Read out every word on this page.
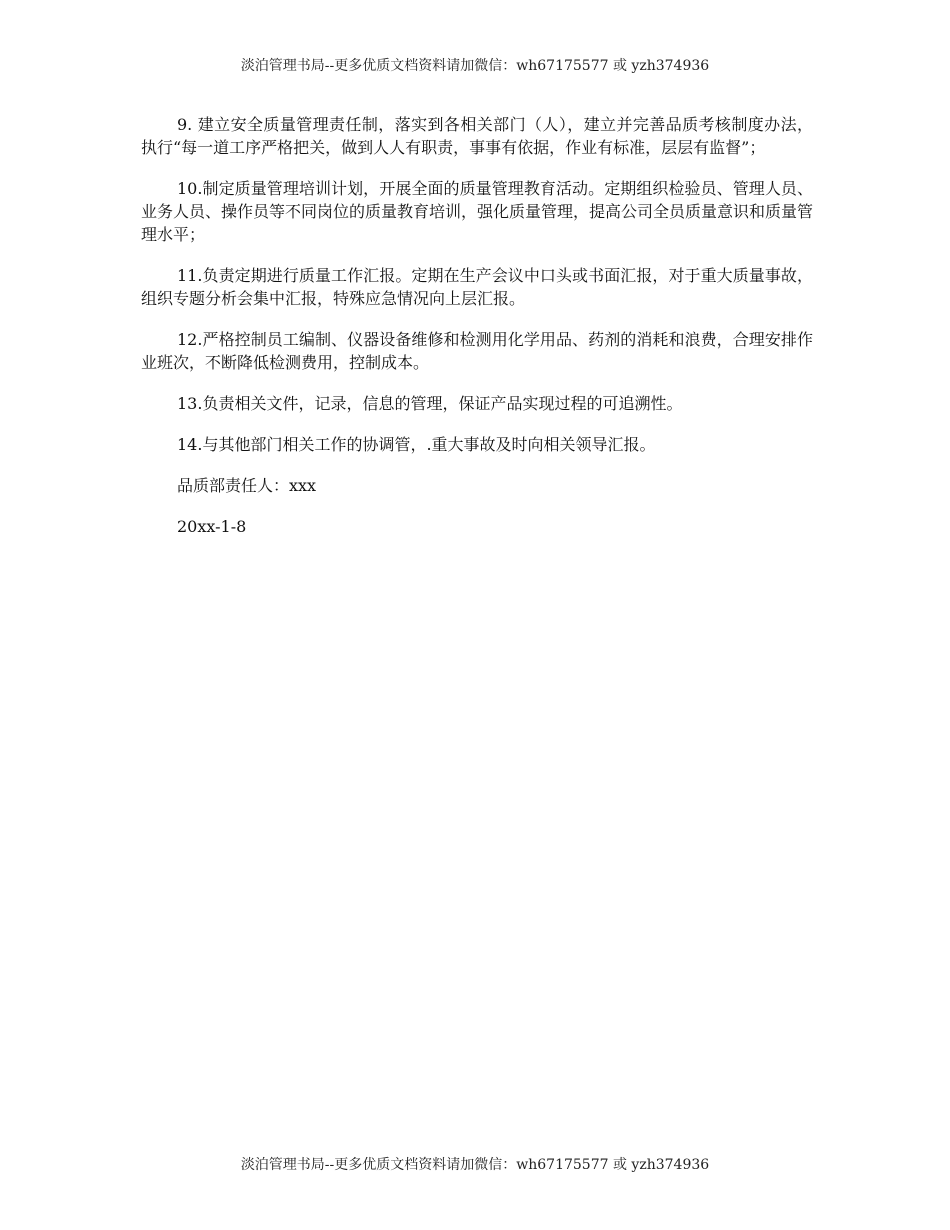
淡泊管理书局--更多优质文档资料请加微信：wh67175577 或 yzh374936

9. 建立安全质量管理责任制，落实到各相关部门（人），建立并完善品质考核制度办法，执行“每一道工序严格把关，做到人人有职责，事事有依据，作业有标准，层层有监督”；

10.制定质量管理培训计划，开展全面的质量管理教育活动。定期组织检验员、管理人员、业务人员、操作员等不同岗位的质量教育培训，强化质量管理，提高公司全员质量意识和质量管理水平；

11.负责定期进行质量工作汇报。定期在生产会议中口头或书面汇报，对于重大质量事故，组织专题分析会集中汇报，特殊应急情况向上层汇报。

12.严格控制员工编制、仪器设备维修和检测用化学用品、药剂的消耗和浪费，合理安排作业班次，不断降低检测费用，控制成本。

13.负责相关文件，记录，信息的管理，保证产品实现过程的可追溯性。

14.与其他部门相关工作的协调管，.重大事故及时向相关领导汇报。

品质部责任人：xxx

20xx-1-8

淡泊管理书局--更多优质文档资料请加微信：wh67175577 或 yzh374936
